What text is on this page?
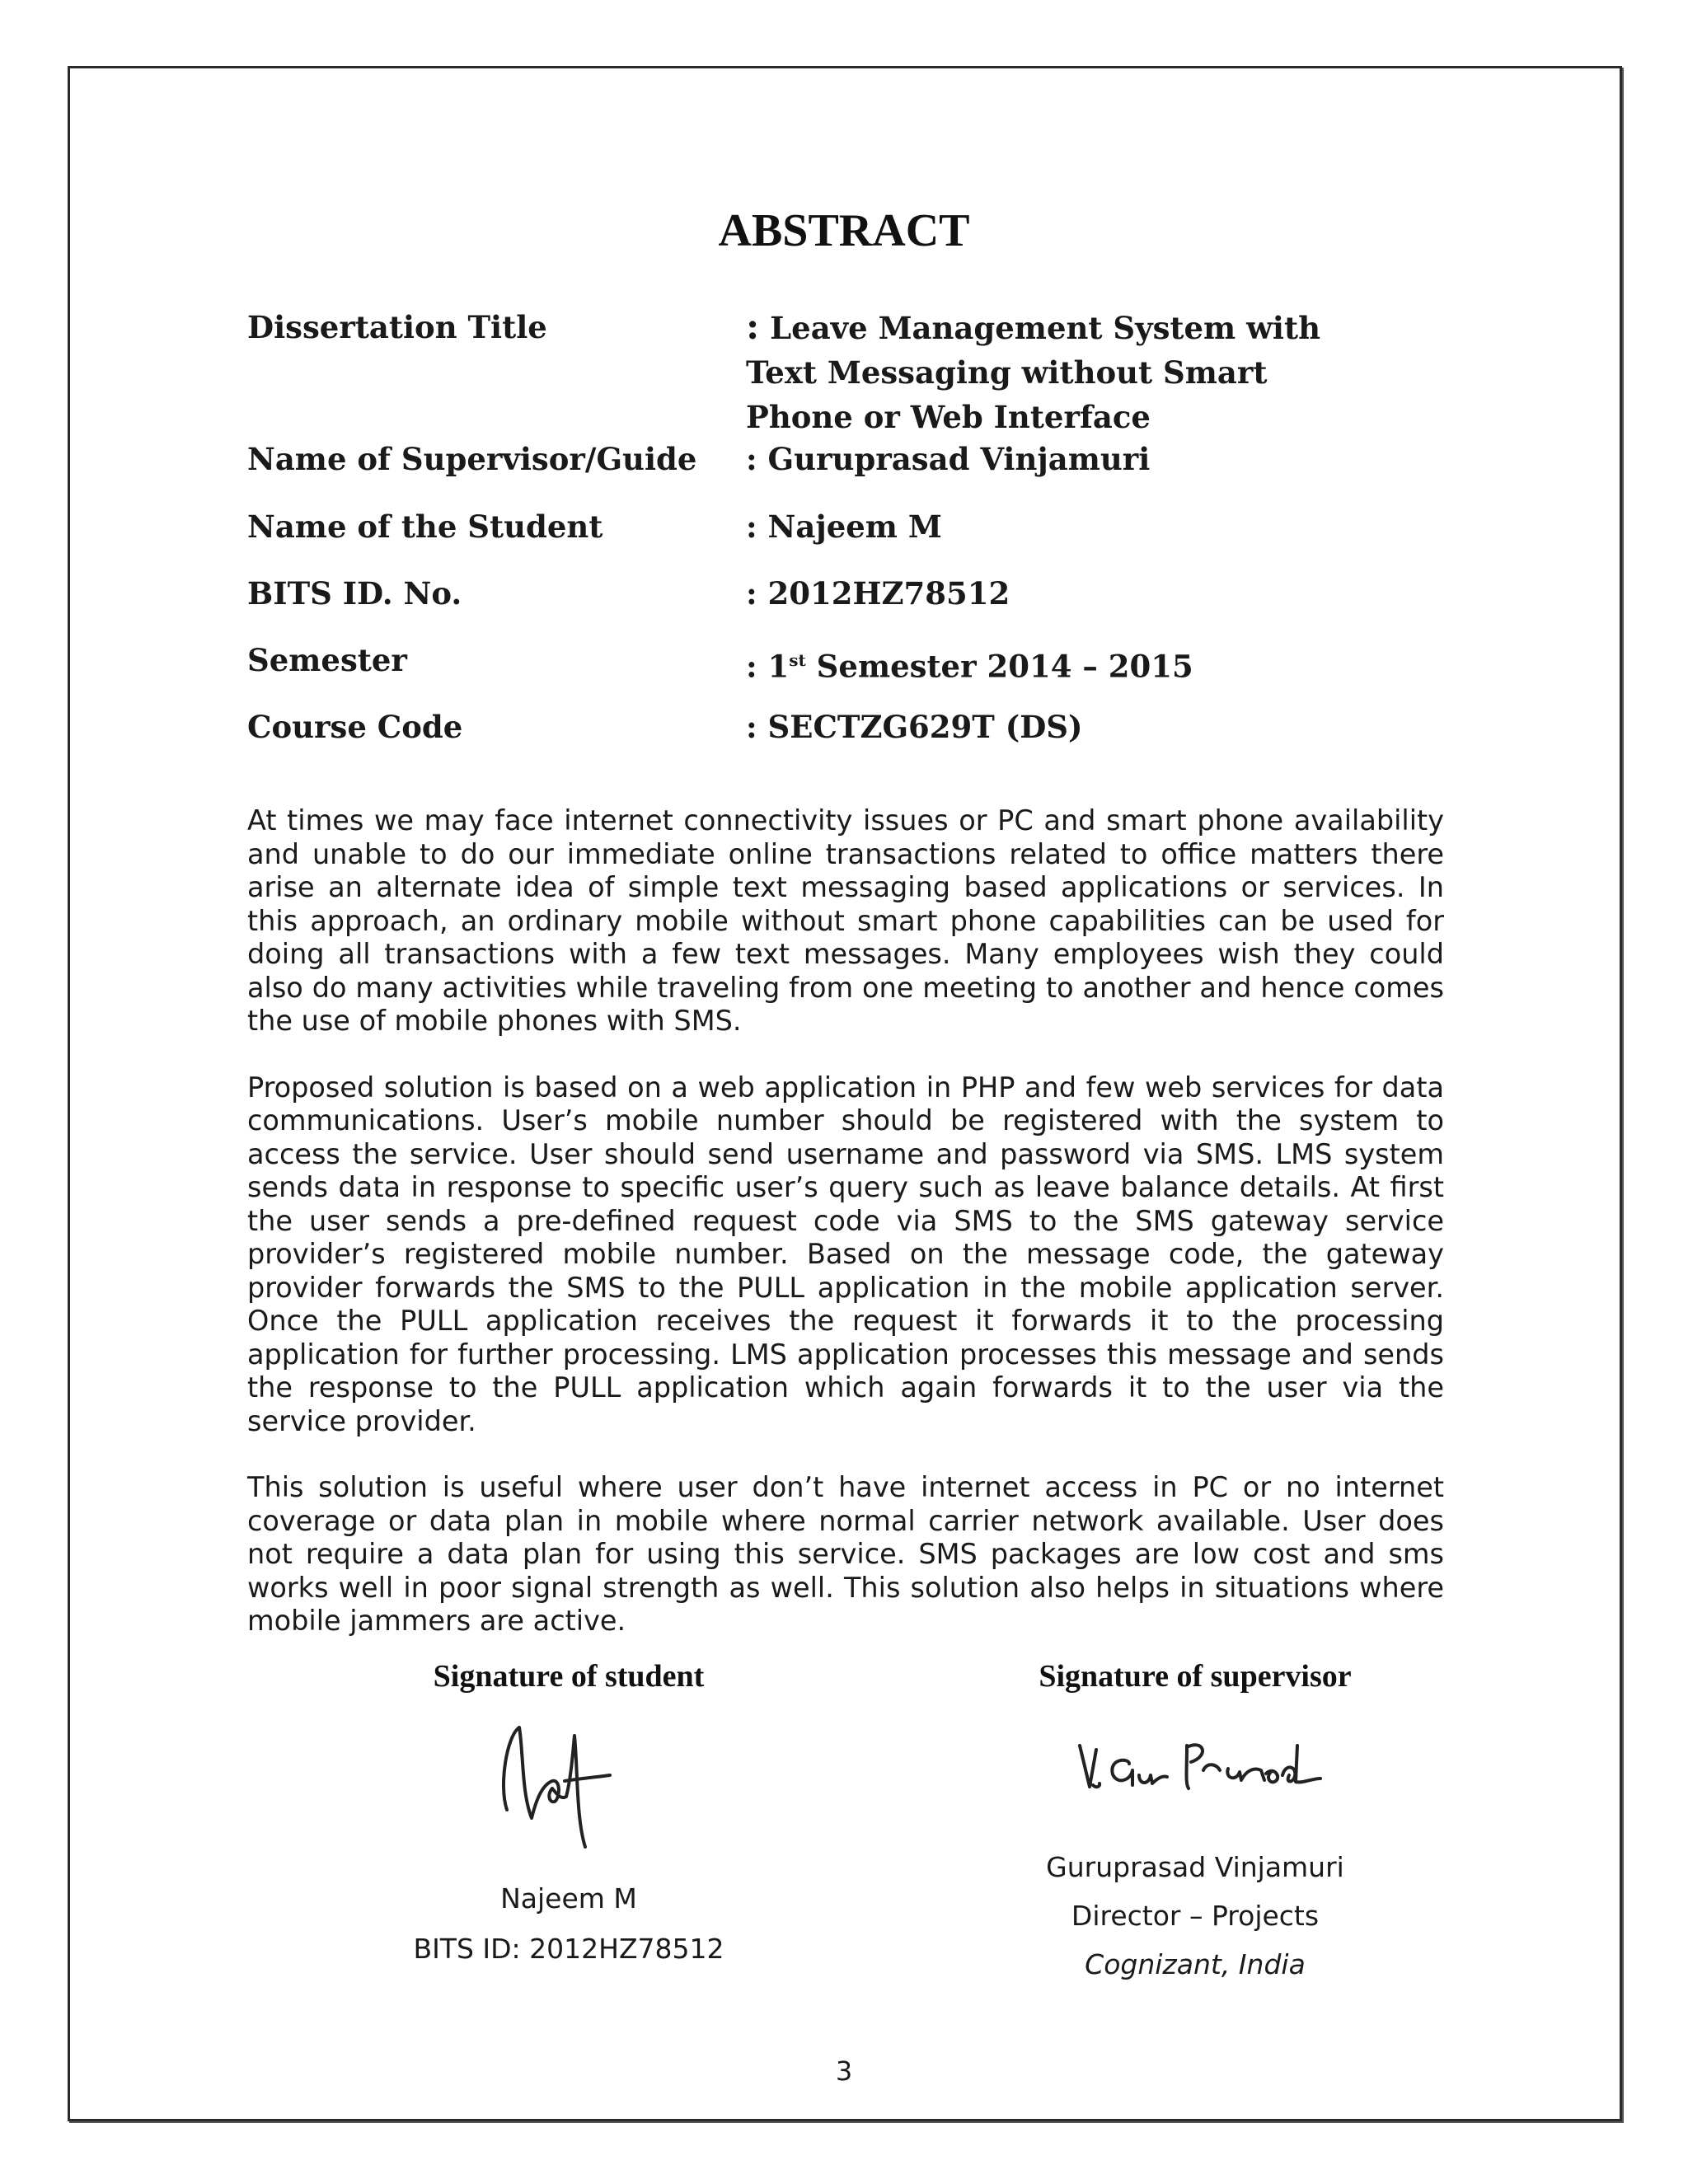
ABSTRACT
Dissertation Title	: Leave Management System with Text Messaging without Smart Phone or Web Interface
Name of Supervisor/Guide : Guruprasad Vinjamuri
Name of the Student	: Najeem M
BITS ID. No.	: 2012HZ78512
Semester	: 1st Semester 2014 – 2015
Course Code	: SECTZG629T (DS)

At times we may face internet connectivity issues or PC and smart phone availability and unable to do our immediate online transactions related to office matters there arise an alternate idea of simple text messaging based applications or services. In this approach, an ordinary mobile without smart phone capabilities can be used for doing all transactions with a few text messages. Many employees wish they could also do many activities while traveling from one meeting to another and hence comes the use of mobile phones with SMS.

Proposed solution is based on a web application in PHP and few web services for data communications. User’s mobile number should be registered with the system to access the service. User should send username and password via SMS. LMS system sends data in response to specific user’s query such as leave balance details. At first the user sends a pre-defined request code via SMS to the SMS gateway service provider’s registered mobile number. Based on the message code, the gateway provider forwards the SMS to the PULL application in the mobile application server. Once the PULL application receives the request it forwards it to the processing application for further processing. LMS application processes this message and sends the response to the PULL application which again forwards it to the user via the service provider.

This solution is useful where user don’t have internet access in PC or no internet coverage or data plan in mobile where normal carrier network available. User does not require a data plan for using this service. SMS packages are low cost and sms works well in poor signal strength as well. This solution also helps in situations where mobile jammers are active.

Signature of student
Najeem M
BITS ID: 2012HZ78512
Signature of supervisor
Guruprasad Vinjamuri
Director – Projects
Cognizant, India
3
